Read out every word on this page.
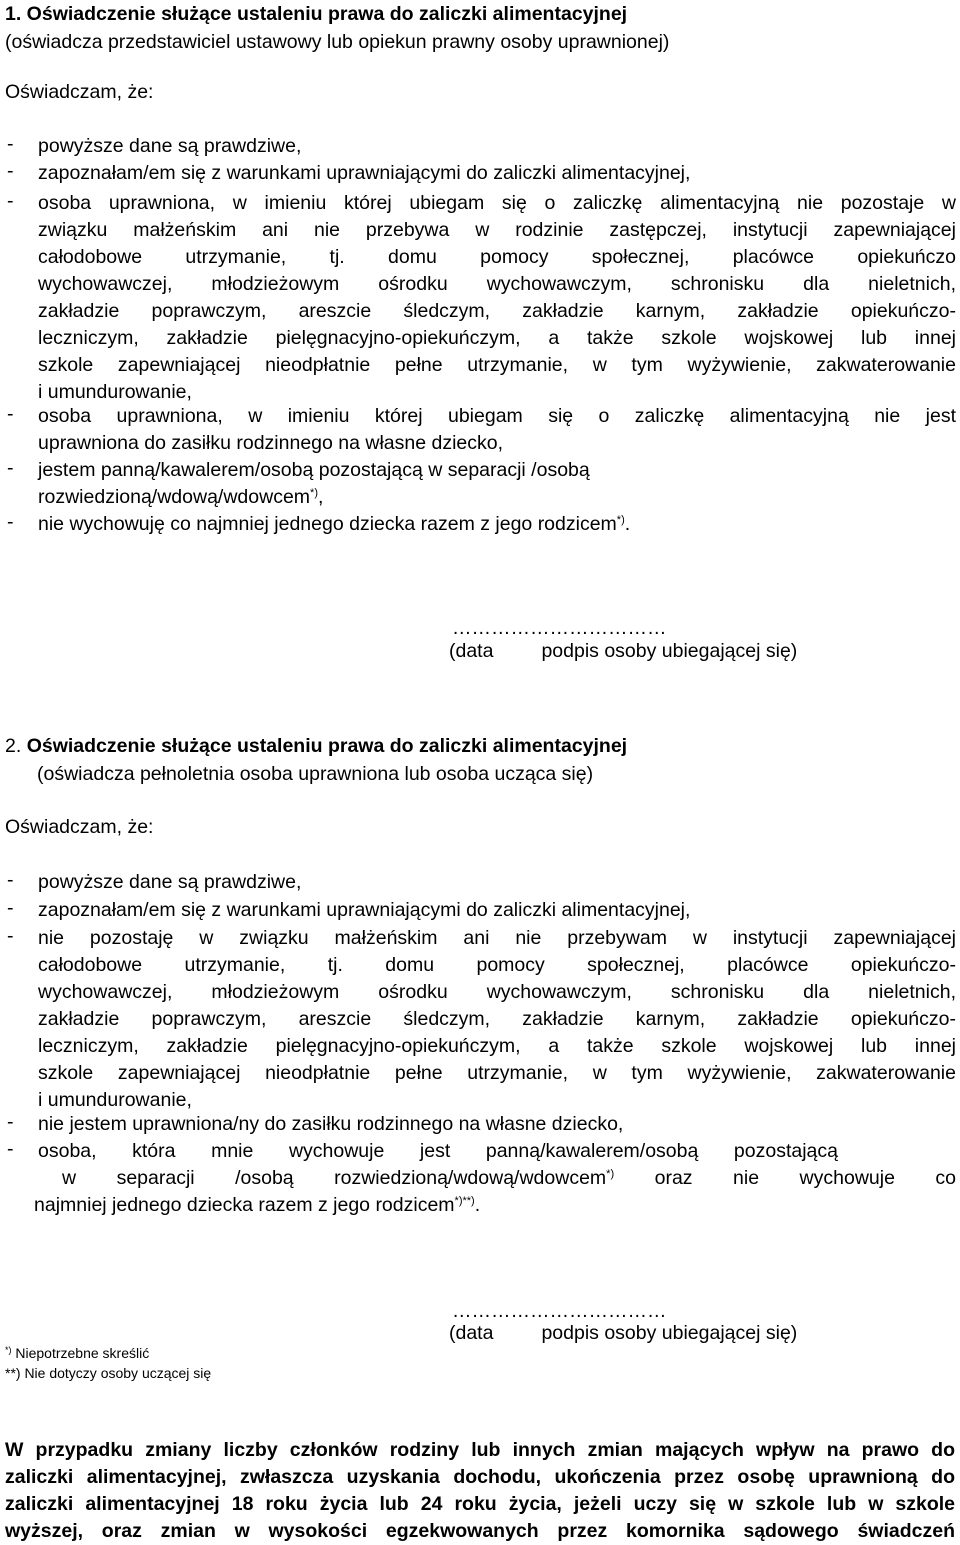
1. Oświadczenie służące ustaleniu prawa do zaliczki alimentacyjnej
(oświadcza przedstawiciel ustawowy lub opiekun prawny osoby uprawnionej)
Oświadczam, że:
- powyższe dane są prawdziwe,
- zapoznałam/em się z warunkami uprawniającymi do zaliczki alimentacyjnej,
- osoba uprawniona, w imieniu której ubiegam się o zaliczkę alimentacyjną nie pozostaje w
związku małżeńskim ani nie przebywa w rodzinie zastępczej, instytucji zapewniającej
całodobowe utrzymanie, tj. domu pomocy społecznej, placówce opiekuńczo
wychowawczej, młodzieżowym ośrodku wychowawczym, schronisku dla nieletnich,
zakładzie poprawczym, areszcie śledczym, zakładzie karnym, zakładzie opiekuńczo-
leczniczym, zakładzie pielęgnacyjno-opiekuńczym, a także szkole wojskowej lub innej
szkole zapewniającej nieodpłatnie pełne utrzymanie, w tym wyżywienie, zakwaterowanie
i umundurowanie,
- osoba uprawniona, w imieniu której ubiegam się o zaliczkę alimentacyjną nie jest
uprawniona do zasiłku rodzinnego na własne dziecko,
- jestem panną/kawalerem/osobą pozostającą w separacji /osobą
rozwiedzioną/wdową/wdowcem*),
- nie wychowuję co najmniej jednego dziecka razem z jego rodzicem*).
……………………………
(data podpis osoby ubiegającej się)
2. Oświadczenie służące ustaleniu prawa do zaliczki alimentacyjnej
(oświadcza pełnoletnia osoba uprawniona lub osoba ucząca się)
Oświadczam, że:
- powyższe dane są prawdziwe,
- zapoznałam/em się z warunkami uprawniającymi do zaliczki alimentacyjnej,
- nie pozostaję w związku małżeńskim ani nie przebywam w instytucji zapewniającej
całodobowe utrzymanie, tj. domu pomocy społecznej, placówce opiekuńczo-
wychowawczej, młodzieżowym ośrodku wychowawczym, schronisku dla nieletnich,
zakładzie poprawczym, areszcie śledczym, zakładzie karnym, zakładzie opiekuńczo-
leczniczym, zakładzie pielęgnacyjno-opiekuńczym, a także szkole wojskowej lub innej
szkole zapewniającej nieodpłatnie pełne utrzymanie, w tym wyżywienie, zakwaterowanie
i umundurowanie,
- nie jestem uprawniona/ny do zasiłku rodzinnego na własne dziecko,
- osoba, która mnie wychowuje jest panną/kawalerem/osobą pozostającą
w separacji /osobą rozwiedzioną/wdową/wdowcem*) oraz nie wychowuje co
najmniej jednego dziecka razem z jego rodzicem*)**).
……………………………
(data podpis osoby ubiegającej się)
*) Niepotrzebne skreślić
**) Nie dotyczy osoby uczącej się
W przypadku zmiany liczby członków rodziny lub innych zmian mających wpływ na prawo do
zaliczki alimentacyjnej, zwłaszcza uzyskania dochodu, ukończenia przez osobę uprawnioną do
zaliczki alimentacyjnej 18 roku życia lub 24 roku życia, jeżeli uczy się w szkole lub w szkole
wyższej, oraz zmian w wysokości egzekwowanych przez komornika sądowego świadczeń
